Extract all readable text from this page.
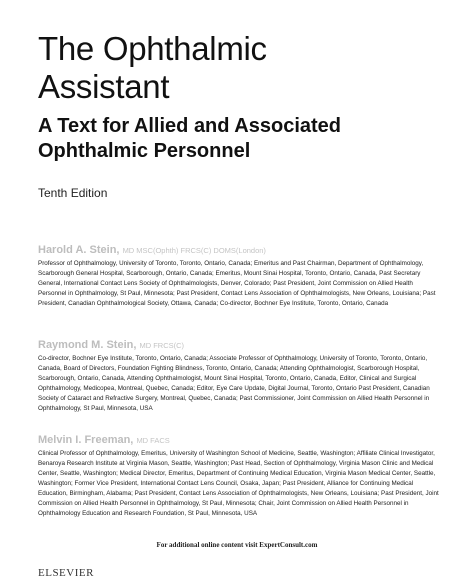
The Ophthalmic
Assistant
A Text for Allied and Associated
Ophthalmic Personnel
Tenth Edition
Harold A. Stein, MD MSC(Ophth) FRCS(C) DOMS(London)
Professor of Ophthalmology, University of Toronto, Toronto, Ontario, Canada; Emeritus and Past Chairman, Department of Ophthalmology, Scarborough General Hospital, Scarborough, Ontario, Canada; Emeritus, Mount Sinai Hospital, Toronto, Ontario, Canada, Past Secretary General, International Contact Lens Society of Ophthalmologists, Denver, Colorado; Past President, Joint Commission on Allied Health Personnel in Ophthalmology, St Paul, Minnesota; Past President, Contact Lens Association of Ophthalmologists, New Orleans, Louisiana; Past President, Canadian Ophthalmological Society, Ottawa, Canada; Co-director, Bochner Eye Institute, Toronto, Ontario, Canada
Raymond M. Stein, MD FRCS(C)
Co-director, Bochner Eye Institute, Toronto, Ontario, Canada; Associate Professor of Ophthalmology, University of Toronto, Toronto, Ontario, Canada, Board of Directors, Foundation Fighting Blindness, Toronto, Ontario, Canada; Attending Ophthalmologist, Scarborough Hospital, Scarborough, Ontario, Canada, Attending Ophthalmologist, Mount Sinai Hospital, Toronto, Ontario, Canada, Editor, Clinical and Surgical Ophthalmology, Medicopea, Montreal, Quebec, Canada; Editor, Eye Care Update, Digital Journal, Toronto, Ontario Past President, Canadian Society of Cataract and Refractive Surgery, Montreal, Quebec, Canada; Past Commissioner, Joint Commission on Allied Health Personnel in Ophthalmology, St Paul, Minnesota, USA
Melvin I. Freeman, MD FACS
Clinical Professor of Ophthalmology, Emeritus, University of Washington School of Medicine, Seattle, Washington; Affiliate Clinical Investigator, Benaroya Research Institute at Virginia Mason, Seattle, Washington; Past Head, Section of Ophthalmology, Virginia Mason Clinic and Medical Center, Seattle, Washington; Medical Director, Emeritus, Department of Continuing Medical Education, Virginia Mason Medical Center, Seattle, Washington; Former Vice President, International Contact Lens Council, Osaka, Japan; Past President, Alliance for Continuing Medical Education, Birmingham, Alabama; Past President, Contact Lens Association of Ophthalmologists, New Orleans, Louisiana; Past President, Joint Commission on Allied Health Personnel in Ophthalmology, St Paul, Minnesota; Chair, Joint Commission on Allied Health Personnel in Ophthalmology Education and Research Foundation, St Paul, Minnesota, USA
For additional online content visit ExpertConsult.com
ELSEVIER
